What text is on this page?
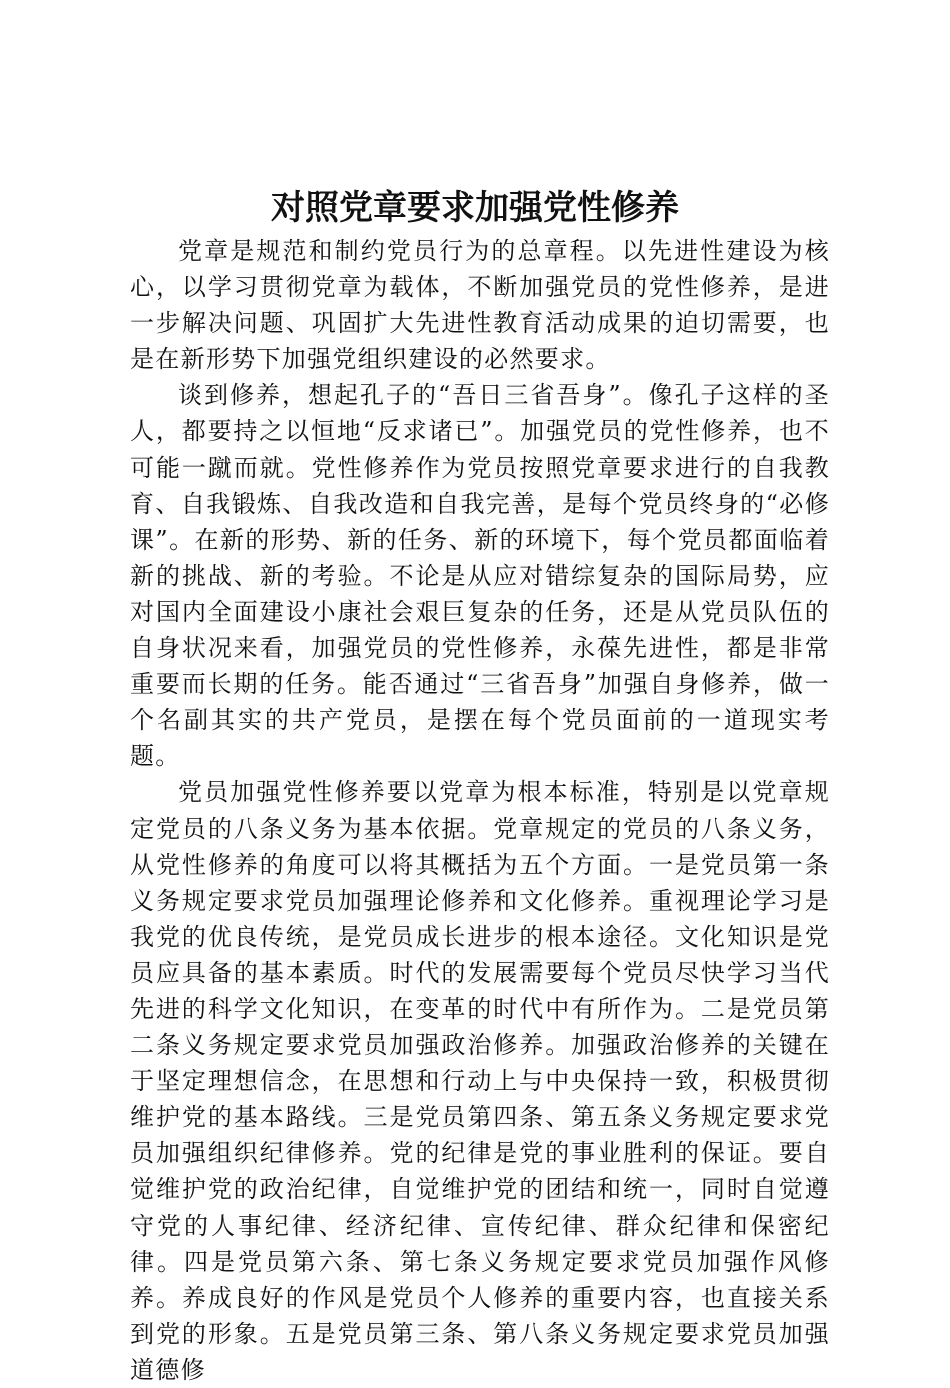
对照党章要求加强党性修养

党章是规范和制约党员行为的总章程。以先进性建设为核心，以学习贯彻党章为载体，不断加强党员的党性修养，是进一步解决问题、巩固扩大先进性教育活动成果的迫切需要，也是在新形势下加强党组织建设的必然要求。

谈到修养，想起孔子的“吾日三省吾身”。像孔子这样的圣人，都要持之以恒地“反求诸已”。加强党员的党性修养，也不可能一蹴而就。党性修养作为党员按照党章要求进行的自我教育、自我锻炼、自我改造和自我完善，是每个党员终身的“必修课”。在新的形势、新的任务、新的环境下，每个党员都面临着新的挑战、新的考验。不论是从应对错综复杂的国际局势，应对国内全面建设小康社会艰巨复杂的任务，还是从党员队伍的自身状况来看，加强党员的党性修养，永葆先进性，都是非常重要而长期的任务。能否通过“三省吾身”加强自身修养，做一个名副其实的共产党员，是摆在每个党员面前的一道现实考题。

党员加强党性修养要以党章为根本标准，特别是以党章规定党员的八条义务为基本依据。党章规定的党员的八条义务，从党性修养的角度可以将其概括为五个方面。一是党员第一条义务规定要求党员加强理论修养和文化修养。重视理论学习是我党的优良传统，是党员成长进步的根本途径。文化知识是党员应具备的基本素质。时代的发展需要每个党员尽快学习当代先进的科学文化知识，在变革的时代中有所作为。二是党员第二条义务规定要求党员加强政治修养。加强政治修养的关键在于坚定理想信念，在思想和行动上与中央保持一致，积极贯彻维护党的基本路线。三是党员第四条、第五条义务规定要求党员加强组织纪律修养。党的纪律是党的事业胜利的保证。要自觉维护党的政治纪律，自觉维护党的团结和统一，同时自觉遵守党的人事纪律、经济纪律、宣传纪律、群众纪律和保密纪律。四是党员第六条、第七条义务规定要求党员加强作风修养。养成良好的作风是党员个人修养的重要内容，也直接关系到党的形象。五是党员第三条、第八条义务规定要求党员加强道德修
